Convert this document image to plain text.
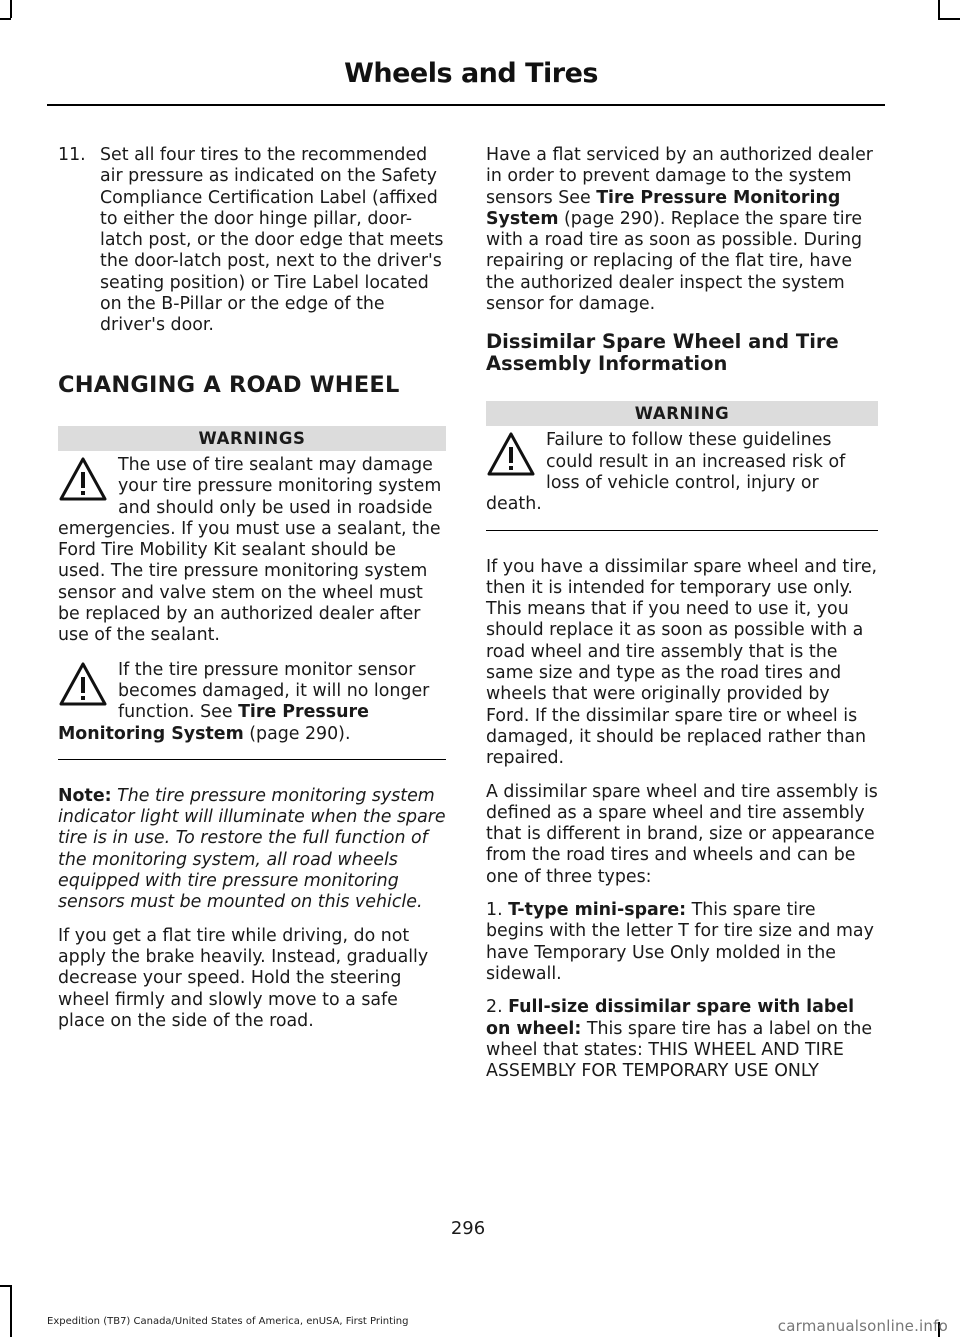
Wheels and Tires
11. Set all four tires to the recommended air pressure as indicated on the Safety Compliance Certification Label (affixed to either the door hinge pillar, door-latch post, or the door edge that meets the door-latch post, next to the driver's seating position) or Tire Label located on the B-Pillar or the edge of the driver's door.
CHANGING A ROAD WHEEL
WARNINGS
The use of tire sealant may damage your tire pressure monitoring system and should only be used in roadside emergencies. If you must use a sealant, the Ford Tire Mobility Kit sealant should be used. The tire pressure monitoring system sensor and valve stem on the wheel must be replaced by an authorized dealer after use of the sealant.
If the tire pressure monitor sensor becomes damaged, it will no longer function. See Tire Pressure Monitoring System (page 290).

Note: The tire pressure monitoring system indicator light will illuminate when the spare tire is in use. To restore the full function of the monitoring system, all road wheels equipped with tire pressure monitoring sensors must be mounted on this vehicle.

If you get a flat tire while driving, do not apply the brake heavily. Instead, gradually decrease your speed. Hold the steering wheel firmly and slowly move to a safe place on the side of the road.

Have a flat serviced by an authorized dealer in order to prevent damage to the system sensors See Tire Pressure Monitoring System (page 290). Replace the spare tire with a road tire as soon as possible. During repairing or replacing of the flat tire, have the authorized dealer inspect the system sensor for damage.

Dissimilar Spare Wheel and Tire Assembly Information
WARNING
Failure to follow these guidelines could result in an increased risk of loss of vehicle control, injury or death.

If you have a dissimilar spare wheel and tire, then it is intended for temporary use only. This means that if you need to use it, you should replace it as soon as possible with a road wheel and tire assembly that is the same size and type as the road tires and wheels that were originally provided by Ford. If the dissimilar spare tire or wheel is damaged, it should be replaced rather than repaired.

A dissimilar spare wheel and tire assembly is defined as a spare wheel and tire assembly that is different in brand, size or appearance from the road tires and wheels and can be one of three types:

1. T-type mini-spare: This spare tire begins with the letter T for tire size and may have Temporary Use Only molded in the sidewall.

2. Full-size dissimilar spare with label on wheel: This spare tire has a label on the wheel that states: THIS WHEEL AND TIRE ASSEMBLY FOR TEMPORARY USE ONLY

296
Expedition (TB7) Canada/United States of America, enUSA, First Printing	carmanualsonline.info
